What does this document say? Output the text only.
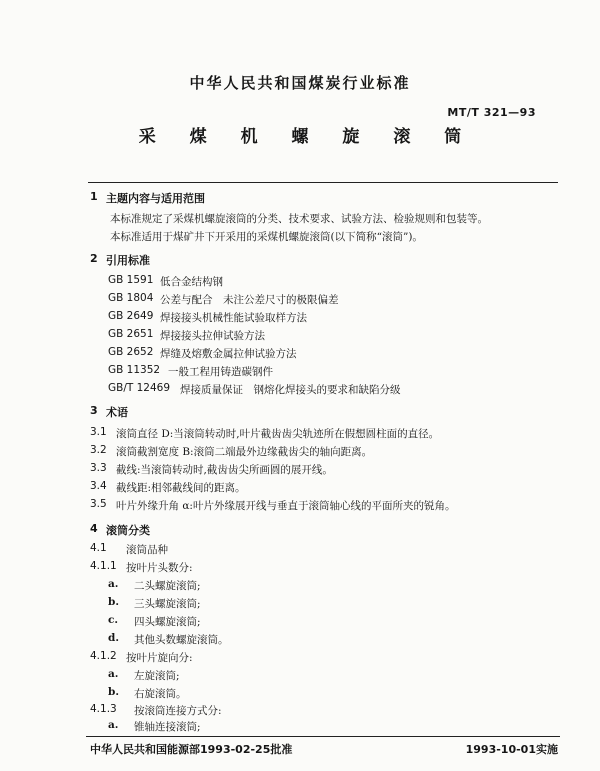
中华人民共和国煤炭行业标准
MT/T 321—93
采 煤 机 螺 旋 滚 筒
1 主题内容与适用范围
本标准规定了采煤机螺旋滚筒的分类、技术要求、试验方法、检验规则和包装等。
本标准适用于煤矿井下开采用的采煤机螺旋滚筒(以下简称“滚筒”)。
2 引用标准
GB 1591 低合金结构钢
GB 1804 公差与配合　未注公差尺寸的极限偏差
GB 2649 焊接接头机械性能试验取样方法
GB 2651 焊接接头拉伸试验方法
GB 2652 焊缝及熔敷金属拉伸试验方法
GB 11352 一般工程用铸造碳钢件
GB/T 12469 焊接质量保证　钢熔化焊接头的要求和缺陷分级
3 术语
3.1 滚筒直径 D:当滚筒转动时,叶片截齿齿尖轨迹所在假想圆柱面的直径。
3.2 滚筒截割宽度 B:滚筒二端最外边缘截齿尖的轴向距离。
3.3 截线:当滚筒转动时,截齿齿尖所画圆的展开线。
3.4 截线距:相邻截线间的距离。
3.5 叶片外缘升角 α:叶片外缘展开线与垂直于滚筒轴心线的平面所夹的锐角。
4 滚筒分类
4.1 滚筒品种
4.1.1 按叶片头数分:
a. 二头螺旋滚筒;
b. 三头螺旋滚筒;
c. 四头螺旋滚筒;
d. 其他头数螺旋滚筒。
4.1.2 按叶片旋向分:
a. 左旋滚筒;
b. 右旋滚筒。
4.1.3 按滚筒连接方式分:
a. 锥轴连接滚筒;
中华人民共和国能源部1993-02-25批准	1993-10-01实施
